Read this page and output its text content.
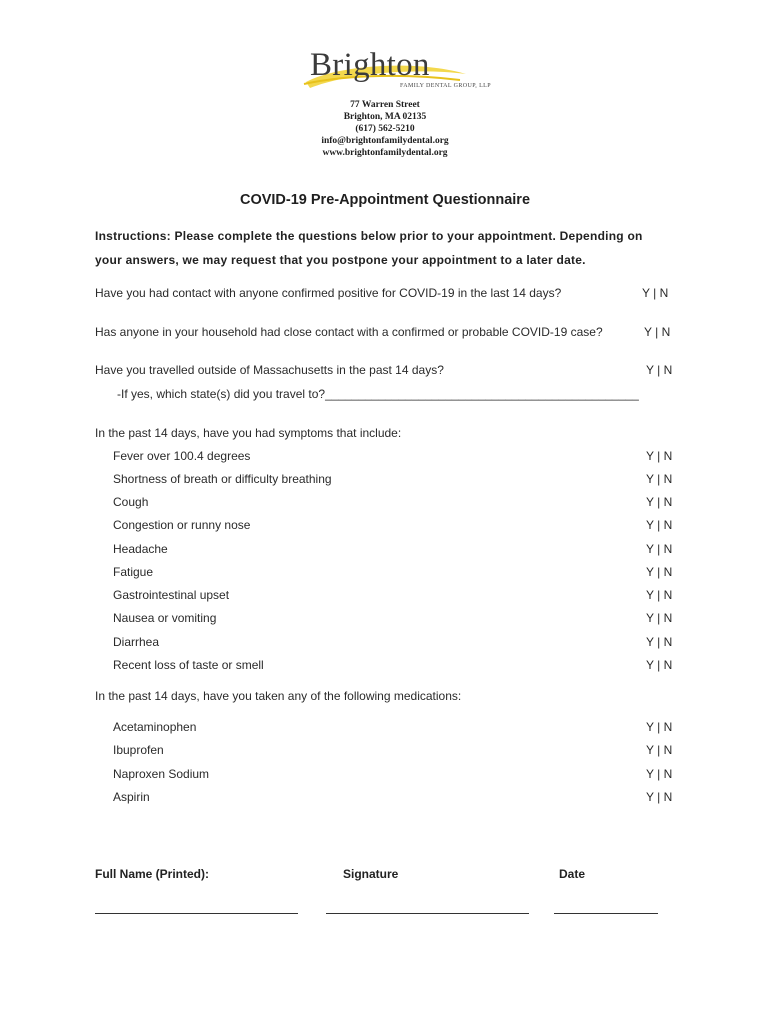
Brighton
FAMILY DENTAL GROUP, LLP
77 Warren Street
Brighton, MA 02135
(617) 562-5210
info@brightonfamilydental.org
www.brightonfamilydental.org
COVID-19 Pre-Appointment Questionnaire
Instructions: Please complete the questions below prior to your appointment. Depending on
your answers, we may request that you postpone your appointment to a later date.
Have you had contact with anyone confirmed positive for COVID-19 in the last 14 days?	Y | N
Has anyone in your household had close contact with a confirmed or probable COVID-19 case?	Y | N
Have you travelled outside of Massachusetts in the past 14 days?	Y | N
-If yes, which state(s) did you travel to?_______________________________________________
In the past 14 days, have you had symptoms that include:
Fever over 100.4 degrees	Y | N
Shortness of breath or difficulty breathing	Y | N
Cough	Y | N
Congestion or runny nose	Y | N
Headache	Y | N
Fatigue	Y | N
Gastrointestinal upset	Y | N
Nausea or vomiting	Y | N
Diarrhea	Y | N
Recent loss of taste or smell	Y | N
In the past 14 days, have you taken any of the following medications:
Acetaminophen	Y | N
Ibuprofen	Y | N
Naproxen Sodium	Y | N
Aspirin	Y | N
Full Name (Printed):	Signature	Date
